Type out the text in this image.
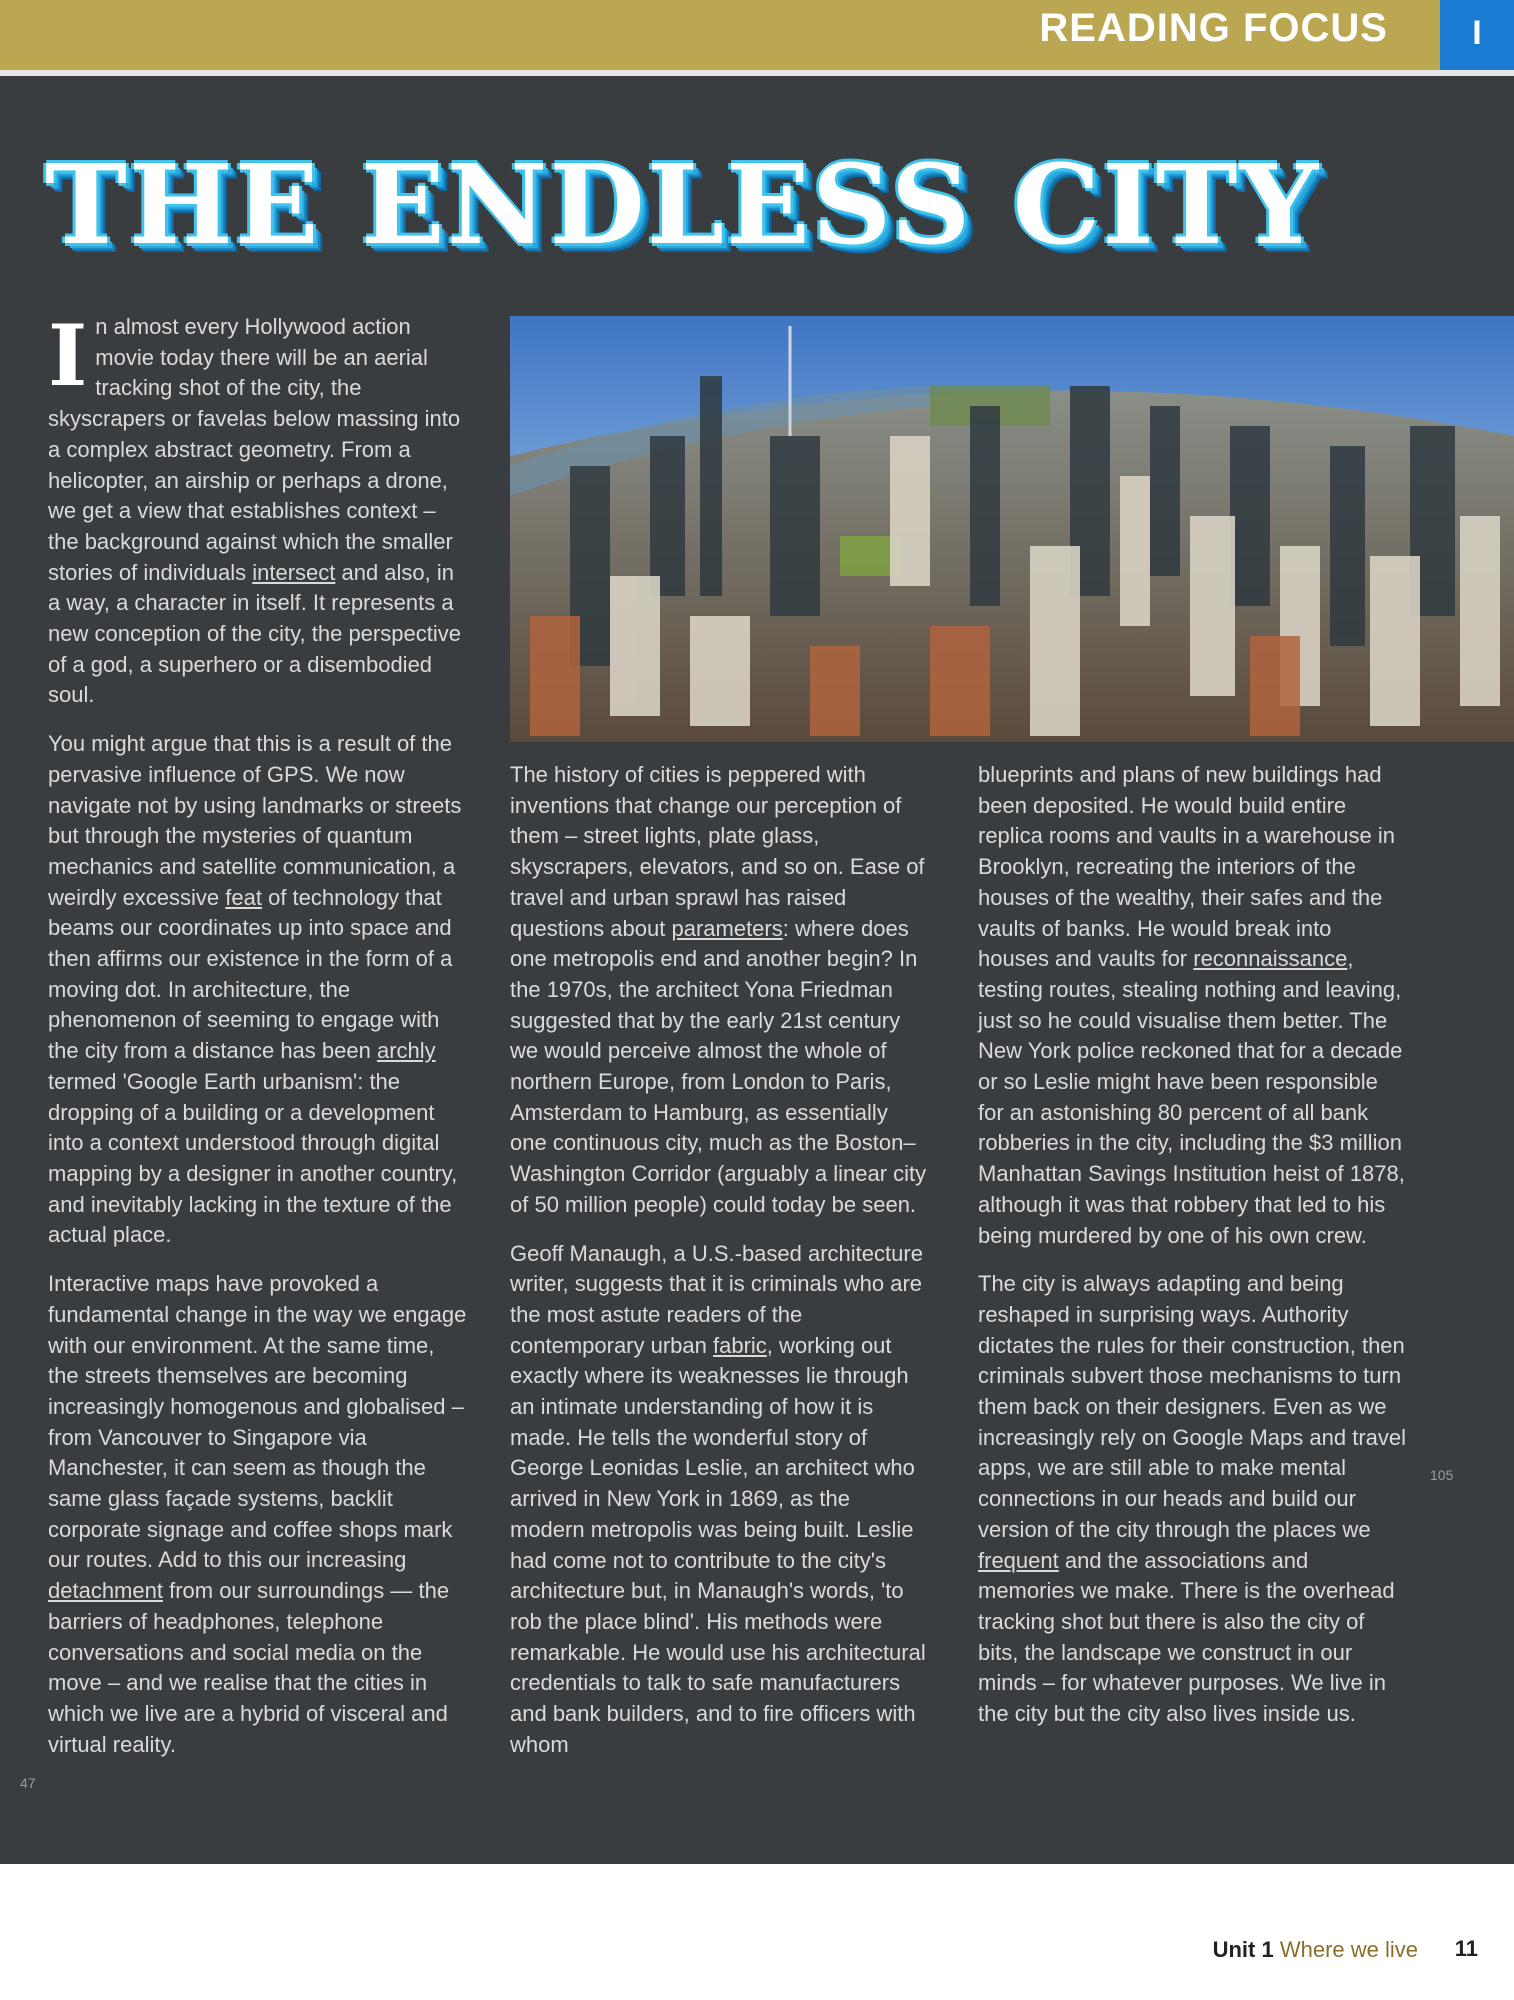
READING FOCUS	I
THE ENDLESS CITY

In almost every Hollywood action movie today there will be an aerial tracking shot of the city, the skyscrapers or favelas below massing into a complex abstract geometry. From a helicopter, an airship or perhaps a drone, we get a view that establishes context – the background against which the smaller stories of individuals intersect and also, in a way, a character in itself. It represents a new conception of the city, the perspective of a god, a superhero or a disembodied soul.

You might argue that this is a result of the pervasive influence of GPS. We now navigate not by using landmarks or streets but through the mysteries of quantum mechanics and satellite communication, a weirdly excessive feat of technology that beams our coordinates up into space and then affirms our existence in the form of a moving dot. In architecture, the phenomenon of seeming to engage with the city from a distance has been archly termed 'Google Earth urbanism': the dropping of a building or a development into a context understood through digital mapping by a designer in another country, and inevitably lacking in the texture of the actual place.

Interactive maps have provoked a fundamental change in the way we engage with our environment. At the same time, the streets themselves are becoming increasingly homogenous and globalised – from Vancouver to Singapore via Manchester, it can seem as though the same glass façade systems, backlit corporate signage and coffee shops mark our routes. Add to this our increasing detachment from our surroundings — the barriers of headphones, telephone conversations and social media on the move – and we realise that the cities in which we live are a hybrid of visceral and virtual reality.

The history of cities is peppered with inventions that change our perception of them – street lights, plate glass, skyscrapers, elevators, and so on. Ease of travel and urban sprawl has raised questions about parameters: where does one metropolis end and another begin? In the 1970s, the architect Yona Friedman suggested that by the early 21st century we would perceive almost the whole of northern Europe, from London to Paris, Amsterdam to Hamburg, as essentially one continuous city, much as the Boston–Washington Corridor (arguably a linear city of 50 million people) could today be seen.

Geoff Manaugh, a U.S.-based architecture writer, suggests that it is criminals who are the most astute readers of the contemporary urban fabric, working out exactly where its weaknesses lie through an intimate understanding of how it is made. He tells the wonderful story of George Leonidas Leslie, an architect who arrived in New York in 1869, as the modern metropolis was being built. Leslie had come not to contribute to the city's architecture but, in Manaugh's words, 'to rob the place blind'. His methods were remarkable. He would use his architectural credentials to talk to safe manufacturers and bank builders, and to fire officers with whom

blueprints and plans of new buildings had been deposited. He would build entire replica rooms and vaults in a warehouse in Brooklyn, recreating the interiors of the houses of the wealthy, their safes and the vaults of banks. He would break into houses and vaults for reconnaissance, testing routes, stealing nothing and leaving, just so he could visualise them better. The New York police reckoned that for a decade or so Leslie might have been responsible for an astonishing 80 percent of all bank robberies in the city, including the $3 million Manhattan Savings Institution heist of 1878, although it was that robbery that led to his being murdered by one of his own crew.

The city is always adapting and being reshaped in surprising ways. Authority dictates the rules for their construction, then criminals subvert those mechanisms to turn them back on their designers. Even as we increasingly rely on Google Maps and travel apps, we are still able to make mental connections in our heads and build our version of the city through the places we frequent and the associations and memories we make. There is the overhead tracking shot but there is also the city of bits, the landscape we construct in our minds – for whatever purposes. We live in the city but the city also lives inside us.

47
105
Unit 1 Where we live 11
